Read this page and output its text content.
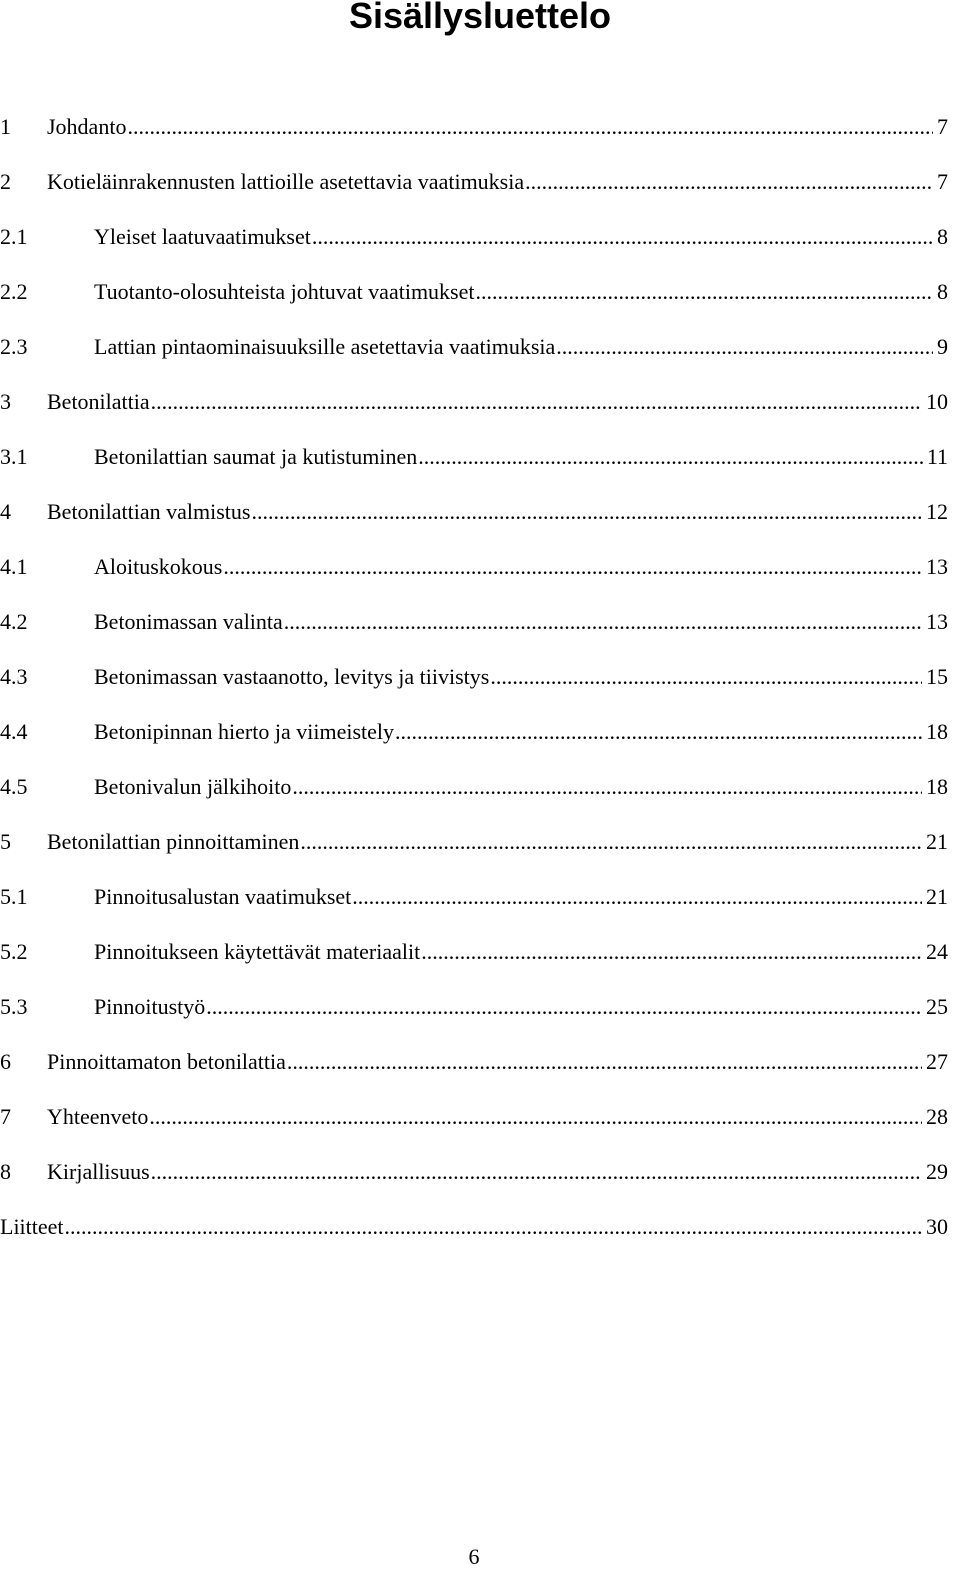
Sisällysluettelo
1	Johdanto .....	7
2	Kotieläinrakennusten lattioille asetettavia vaatimuksia .....	7
2.1	Yleiset laatuvaatimukset .....	8
2.2	Tuotanto-olosuhteista johtuvat vaatimukset .....	8
2.3	Lattian pintaominaisuuksille asetettavia vaatimuksia .....	9
3	Betonilattia .....	10
3.1	Betonilattian saumat ja kutistuminen .....	11
4	Betonilattian valmistus .....	12
4.1	Aloituskokous .....	13
4.2	Betonimassan valinta .....	13
4.3	Betonimassan vastaanotto, levitys ja tiivistys .....	15
4.4	Betonipinnan hierto ja viimeistely .....	18
4.5	Betonivalun jälkihoito .....	18
5	Betonilattian pinnoittaminen .....	21
5.1	Pinnoitusalustan vaatimukset .....	21
5.2	Pinnoitukseen käytettävät materiaalit .....	24
5.3	Pinnoitustyö .....	25
6	Pinnoittamaton betonilattia .....	27
7	Yhteenveto .....	28
8	Kirjallisuus .....	29
Liitteet .....	30
6
